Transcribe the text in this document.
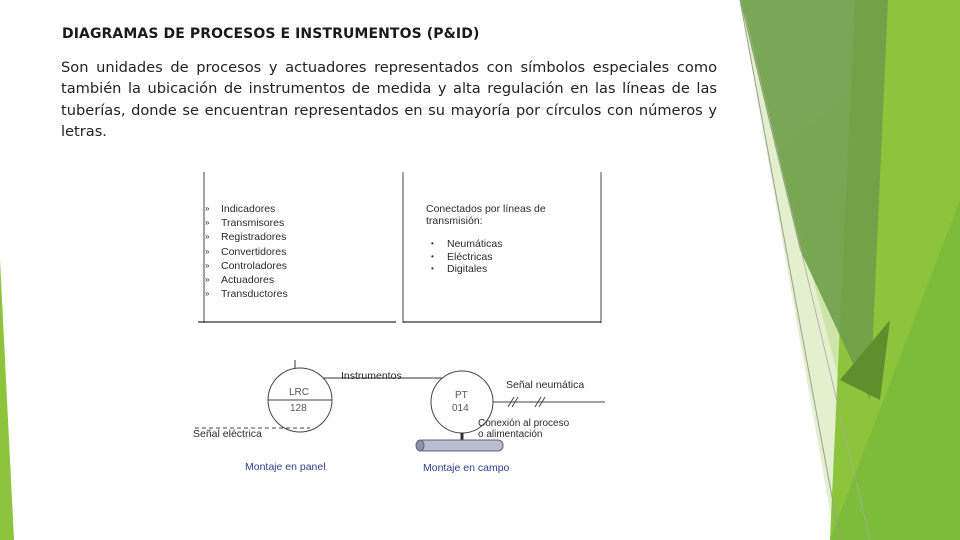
DIAGRAMAS DE PROCESOS E INSTRUMENTOS (P&ID)

Son unidades de procesos y actuadores representados con símbolos especiales como también la ubicación de instrumentos de medida y alta regulación en las líneas de las tuberías, donde se encuentran representados en su mayoría por círculos con números y letras.

» Indicadores
» Transmisores
» Registradores
» Convertidores
» Controladores
» Actuadores
» Transductores
Conectados por líneas de transmisión:
• Neumáticas
• Eléctricas
• Digitales
Instrumentos
LRC
128
PT
014
Señal neumática
Señal eléctrica
Conexión al proceso
o alimentación
Montaje en panel	Montaje en campo
